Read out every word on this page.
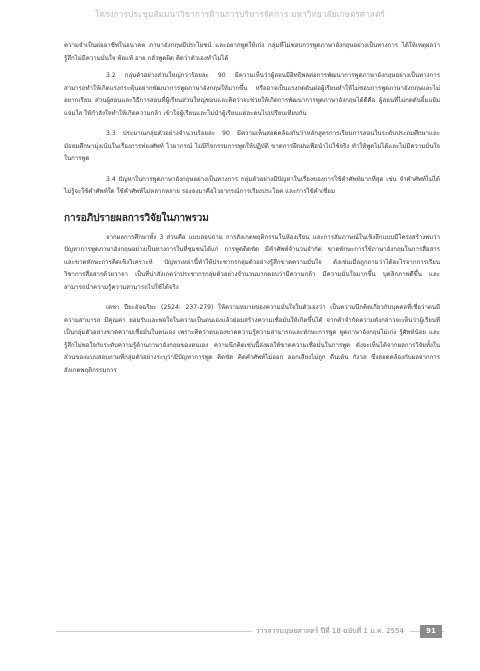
โครงการประชุมสัมมนาวิชาการด้านการบริหารจัดการ มหาวิทยาลัยเกษตรศาสตร์

ความจำเป็นต่ออาชีพในอนาคต ภาษาอังกฤษมีประโยชน์ และอยากพูดให้เก่ง กลุ่มที่ไม่ชอบการพูดภาษาอังกฤษอย่างเป็นทางการ ได้ให้เหตุผลว่ารู้สึกไม่มีความมั่นใจ ท้อแท้ อาย กลัวพูดผิด คิดว่าตัวเองทำไม่ได้

3.2 กลุ่มตัวอย่างส่วนใหญ่กว่าร้อยละ 90 มีความเห็นว่าผู้สอนมีอิทธิพลต่อการพัฒนาการพูดภาษาอังกฤษอย่างเป็นทางการ สามารถทำให้เกิดแรงกระตุ้นอยากพัฒนาการพูดภาษาอังกฤษให้มากขึ้น หรืออาจเป็นแรงกดดันต่อผู้เรียนทำให้ไม่ชอบการพูดภาษาอังกฤษและไม่อยากเรียน ส่วนผู้สอนและวิธีการสอนที่ผู้เรียนส่วนใหญ่ชอบและคิดว่าจะช่วยให้เกิดการพัฒนาการพูดภาษาอังกฤษได้ดีคือ ผู้สอนที่ไม่กดดันยิ้มแย้มแจ่มใส ให้กำลังใจทำให้เกิดความกล้า เข้าใจผู้เรียนและไม่นำผู้เรียนแต่ละคนไปเปรียบเทียบกัน

3.3 ประมาณกลุ่มตัวอย่างจำนวนร้อยละ 90 มีความเห็นสอดคล้องกันว่าหลักสูตรการเรียนการสอนในระดับประถมศึกษาและมัธยมศึกษามุ่งเน้นในเรื่องการท่องศัพท์ ไวยากรณ์ ไม่มีกิจกรรมการพูดให้ปฏิบัติ ขาดการฝึกฝนเพื่อนำไปใช้จริง ทำให้พูดไม่ได้และไม่มีความมั่นใจในการพูด

3.4 ปัญหาในการพูดภาษาอังกฤษอย่างเป็นทางการ กลุ่มตัวอย่างมีปัญหาในเรื่องของการใช้คำศัพท์มากที่สุด เช่น จำคำศัพท์ไม่ได้ ไม่รู้จะใช้คำศัพท์ใด ใช้คำศัพท์ไม่หลากหลาย รองลงมาคือไวยากรณ์การเรียงประโยค และการใช้คำเชื่อม

การอภิปรายผลการวิจัยในภาพรวม

จากผลการศึกษาทั้ง 3 ส่วนคือ แบบสอบถาม การสังเกตพฤติกรรมในห้องเรียน และการสัมภาษณ์ในเชิงลึกแบบมีโครงสร้างพบว่า ปัญหาการพูดภาษาอังกฤษอย่างเป็นทางการในที่ชุมชนได้แก่ การพูดติดขัด มีคำศัพท์จำนวนจำกัด ขาดทักษะการใช้ภาษาอังกฤษในการสื่อสาร และขาดทักษะการคิดเชิงวิเคราะห์ ปัญหาเหล่านี้ทำให้ประชากรกลุ่มตัวอย่างรู้สึกขาดความมั่นใจ ดังเช่นเมื่อถูกถามว่าได้อะไรจากการเรียนวิชาการสื่อสารด้วยวาจา เป็นที่น่าสังเกตว่าประชากรกลุ่มตัวอย่างจำนวนมากตอบว่ามีความกล้า มีความมั่นใจมากขึ้น บุคลิกภาพดีขึ้น และสามารถนำความรู้ความสามารถไปใช้ได้จริง

เดชา ปียะอัจฉริยะ (2524: 237-279) ให้ความหมายของความมั่นใจในตัวเองว่า เป็นความนึกคิดเกี่ยวกับบุคคลที่เชื่อว่าตนมีความสามารถ มีคุณค่า ยอมรับและพอใจในความเป็นตนเองแล้วย่อมสร้างความเชื่อมั่นให้เกิดขึ้นได้ จากคำจำกัดความดังกล่าวจะเห็นว่าผู้เรียนที่เป็นกลุ่มตัวอย่างขาดความเชื่อมั่นในตนเอง เพราะคิดว่าตนเองขาดความรู้ความสามารถและทักษะการพูด พูดภาษาอังกฤษไม่เก่ง รู้ศัพท์น้อย และรู้สึกไม่พอใจกับระดับความรู้ด้านภาษาอังกฤษของตนเอง ความนึกคิดเช่นนี้ส่งผลให้ขาดความเชื่อมั่นในการพูด ดังจะเห็นได้จากผลการวิจัยทั้งในส่วนของแบบสอบถามที่กลุ่มตัวอย่างระบุว่ามีปัญหาการพูด ติดขัด คิดคำศัพท์ไม่ออก ออกเสียงไม่ถูก ตื่นเต้น กังวล ซึ่งสอดคล้องกับผลจากการสังเกตพฤติกรรมการ

วารสารมนุษยศาสตร์ ปีที่ 18 ฉบับที่ 1 ม.ค. 2554	91
